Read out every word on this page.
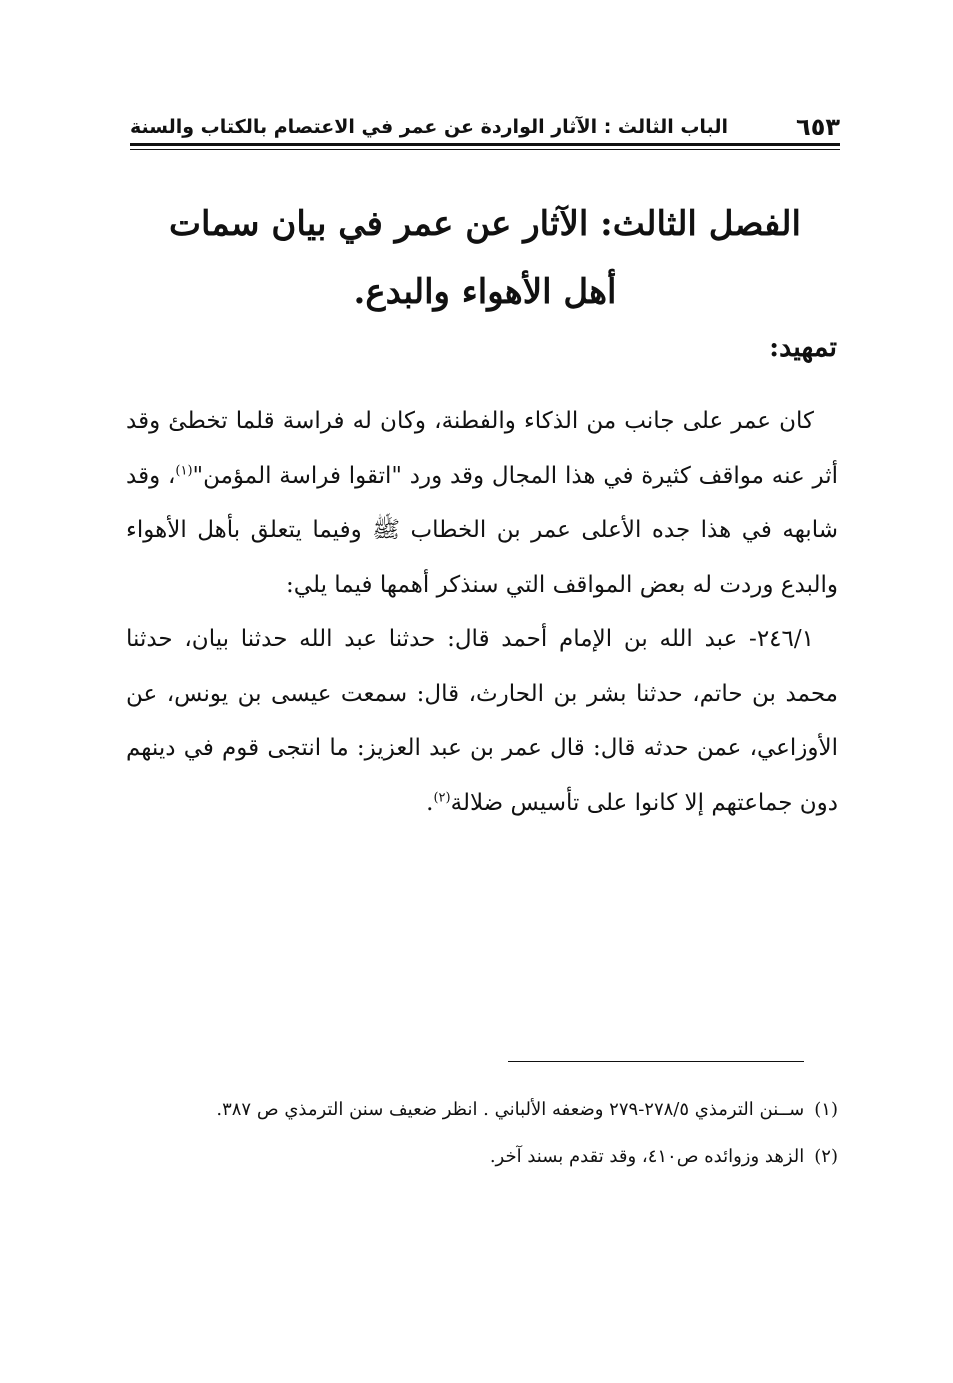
٦٥٣
الباب الثالث : الآثار الواردة عن عمر في الاعتصام بالكتاب والسنة
الفصل الثالث: الآثار عن عمر في بيان سمات أهل الأهواء والبدع.
تمهيد:

كان عمر على جانب من الذكاء والفطنة، وكان له فراسة قلما تخطئ وقد أثر عنه مواقف كثيرة في هذا المجال وقد ورد "اتقوا فراسة المؤمن"$^{(١)}$، وقد شابهه في هذا جده الأعلى عمر بن الخطاب ﷺ وفيما يتعلق بأهل الأهواء والبدع وردت له بعض المواقف التي سنذكر أهمها فيما يلي:

٢٤٦/١- عبد الله بن الإمام أحمد قال: حدثنا عبد الله حدثنا بيان، حدثنا محمد بن حاتم، حدثنا بشر بن الحارث، قال: سمعت عيسى بن يونس، عن الأوزاعي، عمن حدثه قال: قال عمر بن عبد العزيز: ما انتجى قوم في دينهم دون جماعتهم إلا كانوا على تأسيس ضلالة$^{(٢)}$.

(١)ســنن الترمذي ٢٧٨/٥-٢٧٩ وضعفه الألباني . انظر ضعيف سنن الترمذي ص ٣٨٧.

(٢)الزهد وزوائده ص٤١٠، وقد تقدم بسند آخر.
